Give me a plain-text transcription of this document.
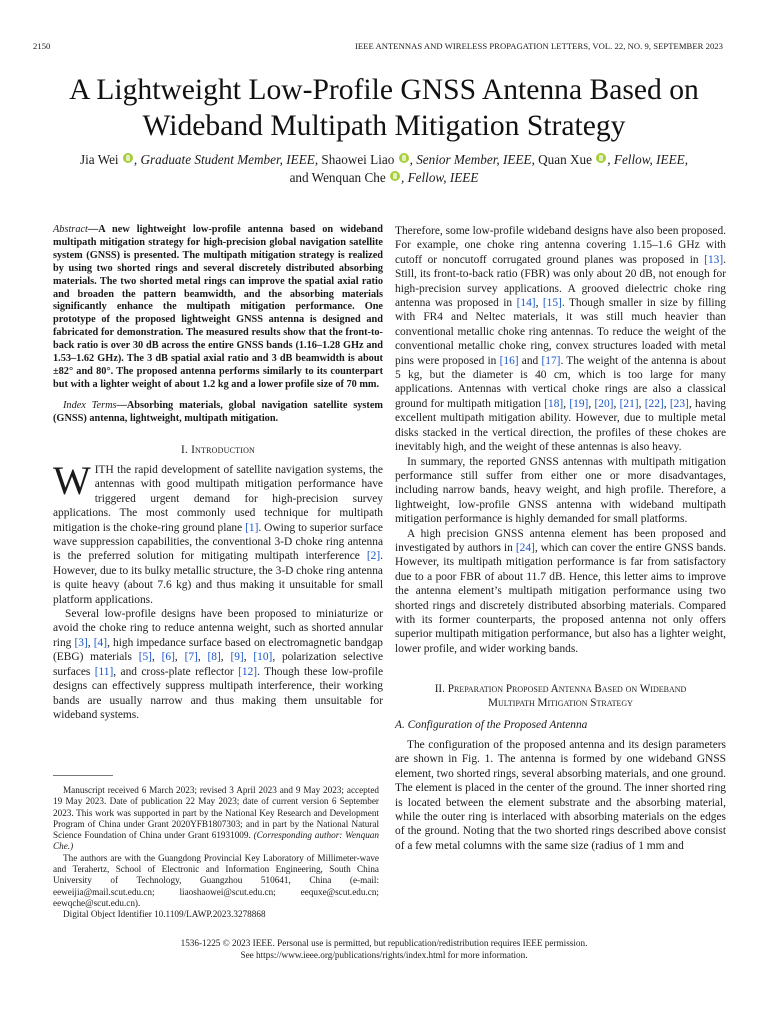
2150	IEEE ANTENNAS AND WIRELESS PROPAGATION LETTERS, VOL. 22, NO. 9, SEPTEMBER 2023
A Lightweight Low-Profile GNSS Antenna Based on
Wideband Multipath Mitigation Strategy
Jia Wei , Graduate Student Member, IEEE, Shaowei Liao , Senior Member, IEEE, Quan Xue , Fellow, IEEE,
and Wenquan Che , Fellow, IEEE

Abstract—A new lightweight low-profile antenna based on wideband multipath mitigation strategy for high-precision global navigation satellite system (GNSS) is presented. The multipath mitigation strategy is realized by using two shorted rings and several discretely distributed absorbing materials. The two shorted metal rings can improve the spatial axial ratio and broaden the pattern beamwidth, and the absorbing materials significantly enhance the multipath mitigation performance. One prototype of the proposed lightweight GNSS antenna is designed and fabricated for demonstration. The measured results show that the front-to-back ratio is over 30 dB across the entire GNSS bands (1.16–1.28 GHz and 1.53–1.62 GHz). The 3 dB spatial axial ratio and 3 dB beamwidth is about ±82° and 80°. The proposed antenna performs similarly to its counterpart but with a lighter weight of about 1.2 kg and a lower profile size of 70 mm.

Index Terms—Absorbing materials, global navigation satellite system (GNSS) antenna, lightweight, multipath mitigation.

I. Introduction

WITH the rapid development of satellite navigation systems, the antennas with good multipath mitigation performance have triggered urgent demand for high-precision survey applications. The most commonly used technique for multipath mitigation is the choke-ring ground plane [1]. Owing to superior surface wave suppression capabilities, the conventional 3-D choke ring antenna is the preferred solution for mitigating multipath interference [2]. However, due to its bulky metallic structure, the 3-D choke ring antenna is quite heavy (about 7.6 kg) and thus making it unsuitable for small platform applications.

Several low-profile designs have been proposed to miniaturize or avoid the choke ring to reduce antenna weight, such as shorted annular ring [3], [4], high impedance surface based on electromagnetic bandgap (EBG) materials [5], [6], [7], [8], [9], [10], polarization selective surfaces [11], and cross-plate reflector [12]. Though these low-profile designs can effectively suppress multipath interference, their working bands are usually narrow and thus making them unsuitable for wideband systems.

Manuscript received 6 March 2023; revised 3 April 2023 and 9 May 2023; accepted 19 May 2023. Date of publication 22 May 2023; date of current version 6 September 2023. This work was supported in part by the National Key Research and Development Program of China under Grant 2020YFB1807303; and in part by the National Natural Science Foundation of China under Grant 61931009. (Corresponding author: Wenquan Che.)

The authors are with the Guangdong Provincial Key Laboratory of Millimeter-wave and Terahertz, School of Electronic and Information Engineering, South China University of Technology, Guangzhou 510641, China (e-mail: eeweijia@mail.scut.edu.cn; liaoshaowei@scut.edu.cn; eequxe@scut.edu.cn; eewqche@scut.edu.cn).

Digital Object Identifier 10.1109/LAWP.2023.3278868

Therefore, some low-profile wideband designs have also been proposed. For example, one choke ring antenna covering 1.15–1.6 GHz with cutoff or noncutoff corrugated ground planes was proposed in [13]. Still, its front-to-back ratio (FBR) was only about 20 dB, not enough for high-precision survey applications. A grooved dielectric choke ring antenna was proposed in [14], [15]. Though smaller in size by filling with FR4 and Neltec materials, it was still much heavier than conventional metallic choke ring antennas. To reduce the weight of the conventional metallic choke ring, convex structures loaded with metal pins were proposed in [16] and [17]. The weight of the antenna is about 5 kg, but the diameter is 40 cm, which is too large for many applications. Antennas with vertical choke rings are also a classical ground for multipath mitigation [18], [19], [20], [21], [22], [23], having excellent multipath mitigation ability. However, due to multiple metal disks stacked in the vertical direction, the profiles of these chokes are inevitably high, and the weight of these antennas is also heavy.

In summary, the reported GNSS antennas with multipath mitigation performance still suffer from either one or more disadvantages, including narrow bands, heavy weight, and high profile. Therefore, a lightweight, low-profile GNSS antenna with wideband multipath mitigation performance is highly demanded for small platforms.

A high precision GNSS antenna element has been proposed and investigated by authors in [24], which can cover the entire GNSS bands. However, its multipath mitigation performance is far from satisfactory due to a poor FBR of about 11.7 dB. Hence, this letter aims to improve the antenna element’s multipath mitigation performance using two shorted rings and discretely distributed absorbing materials. Compared with its former counterparts, the proposed antenna not only offers superior multipath mitigation performance, but also has a lighter weight, lower profile, and wider working bands.

II. Preparation Proposed Antenna Based on Wideband
Multipath Mitigation Strategy
A. Configuration of the Proposed Antenna

The configuration of the proposed antenna and its design parameters are shown in Fig. 1. The antenna is formed by one wideband GNSS element, two shorted rings, several absorbing materials, and one ground. The element is placed in the center of the ground. The inner shorted ring is located between the element substrate and the absorbing material, while the outer ring is interlaced with absorbing materials on the edges of the ground. Noting that the two shorted rings described above consist of a few metal columns with the same size (radius of 1 mm and

1536-1225 © 2023 IEEE. Personal use is permitted, but republication/redistribution requires IEEE permission.
See https://www.ieee.org/publications/rights/index.html for more information.
